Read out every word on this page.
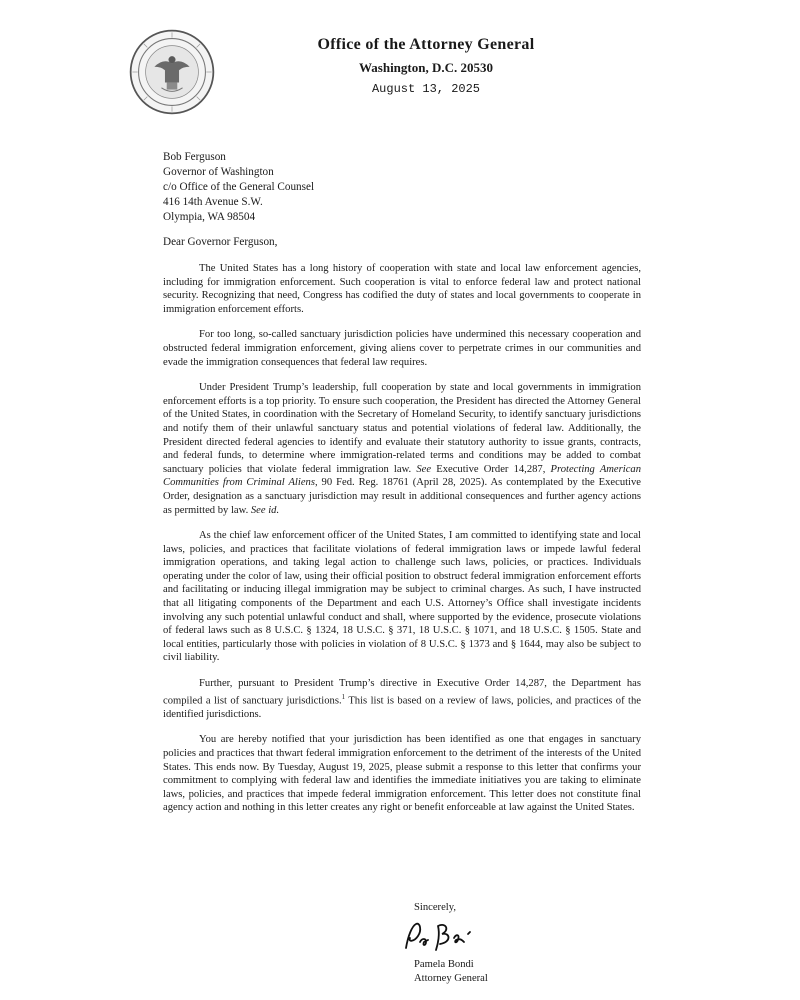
Office of the Attorney General
Washington, D.C. 20530
August 13, 2025
Bob Ferguson
Governor of Washington
c/o Office of the General Counsel
416 14th Avenue S.W.
Olympia, WA 98504
Dear Governor Ferguson,

The United States has a long history of cooperation with state and local law enforcement agencies, including for immigration enforcement. Such cooperation is vital to enforce federal law and protect national security. Recognizing that need, Congress has codified the duty of states and local governments to cooperate in immigration enforcement efforts.

For too long, so-called sanctuary jurisdiction policies have undermined this necessary cooperation and obstructed federal immigration enforcement, giving aliens cover to perpetrate crimes in our communities and evade the immigration consequences that federal law requires.

Under President Trump’s leadership, full cooperation by state and local governments in immigration enforcement efforts is a top priority. To ensure such cooperation, the President has directed the Attorney General of the United States, in coordination with the Secretary of Homeland Security, to identify sanctuary jurisdictions and notify them of their unlawful sanctuary status and potential violations of federal law. Additionally, the President directed federal agencies to identify and evaluate their statutory authority to issue grants, contracts, and federal funds, to determine where immigration-related terms and conditions may be added to combat sanctuary policies that violate federal immigration law. See Executive Order 14,287, Protecting American Communities from Criminal Aliens, 90 Fed. Reg. 18761 (April 28, 2025). As contemplated by the Executive Order, designation as a sanctuary jurisdiction may result in additional consequences and further agency actions as permitted by law. See id.

As the chief law enforcement officer of the United States, I am committed to identifying state and local laws, policies, and practices that facilitate violations of federal immigration laws or impede lawful federal immigration operations, and taking legal action to challenge such laws, policies, or practices. Individuals operating under the color of law, using their official position to obstruct federal immigration enforcement efforts and facilitating or inducing illegal immigration may be subject to criminal charges. As such, I have instructed that all litigating components of the Department and each U.S. Attorney’s Office shall investigate incidents involving any such potential unlawful conduct and shall, where supported by the evidence, prosecute violations of federal laws such as 8 U.S.C. § 1324, 18 U.S.C. § 371, 18 U.S.C. § 1071, and 18 U.S.C. § 1505. State and local entities, particularly those with policies in violation of 8 U.S.C. § 1373 and § 1644, may also be subject to civil liability.

Further, pursuant to President Trump’s directive in Executive Order 14,287, the Department has compiled a list of sanctuary jurisdictions.$^1$ This list is based on a review of laws, policies, and practices of the identified jurisdictions.

You are hereby notified that your jurisdiction has been identified as one that engages in sanctuary policies and practices that thwart federal immigration enforcement to the detriment of the interests of the United States. This ends now. By Tuesday, August 19, 2025, please submit a response to this letter that confirms your commitment to complying with federal law and identifies the immediate initiatives you are taking to eliminate laws, policies, and practices that impede federal immigration enforcement. This letter does not constitute final agency action and nothing in this letter creates any right or benefit enforceable at law against the United States.

Sincerely,
Pamela Bondi
Attorney General
